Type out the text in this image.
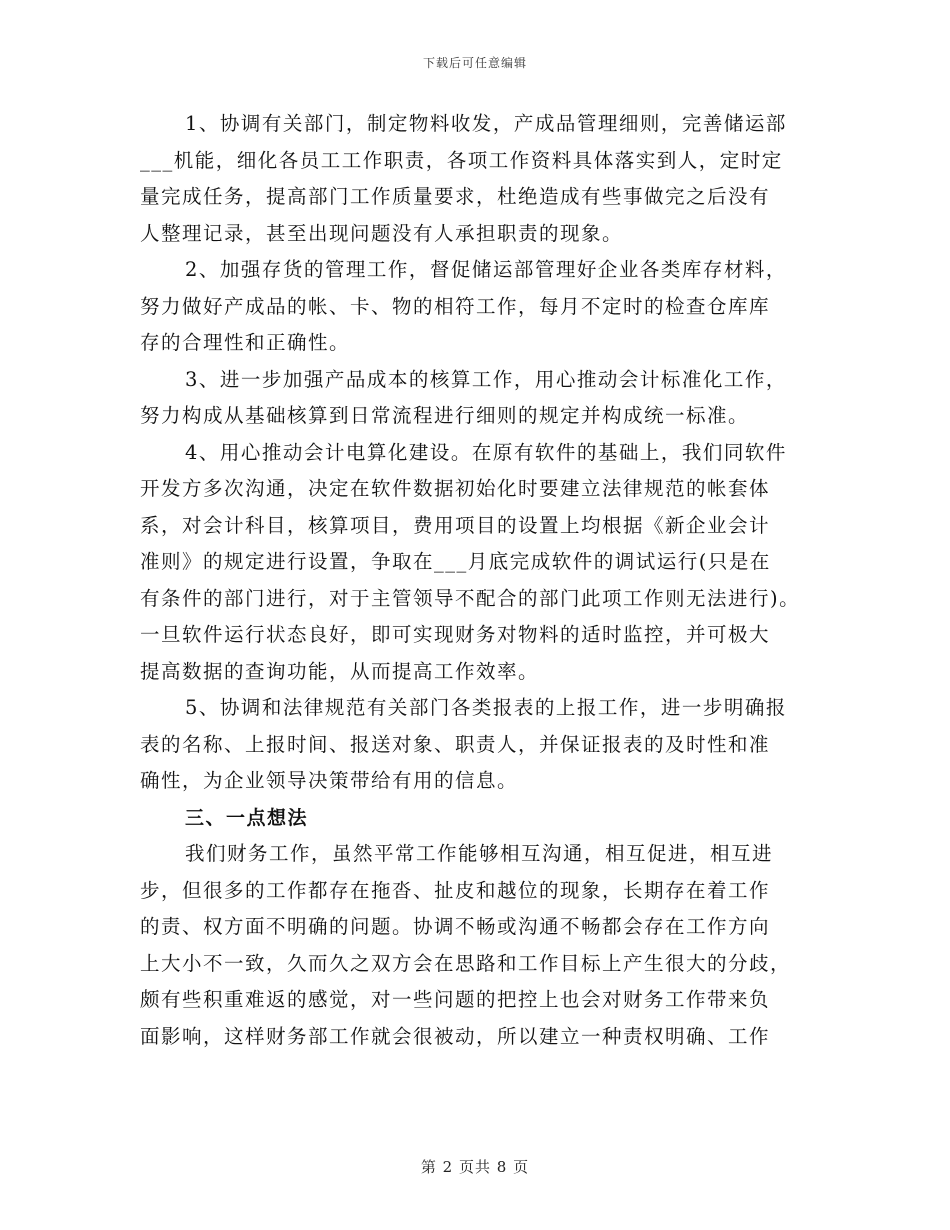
下载后可任意编辑
1、协调有关部门，制定物料收发，产成品管理细则，完善储运部
___机能，细化各员工工作职责，各项工作资料具体落实到人，定时定
量完成任务，提高部门工作质量要求，杜绝造成有些事做完之后没有
人整理记录，甚至出现问题没有人承担职责的现象。
2、加强存货的管理工作，督促储运部管理好企业各类库存材料，
努力做好产成品的帐、卡、物的相符工作，每月不定时的检查仓库库
存的合理性和正确性。
3、进一步加强产品成本的核算工作，用心推动会计标准化工作，
努力构成从基础核算到日常流程进行细则的规定并构成统一标准。
4、用心推动会计电算化建设。在原有软件的基础上，我们同软件
开发方多次沟通，决定在软件数据初始化时要建立法律规范的帐套体
系，对会计科目，核算项目，费用项目的设置上均根据《新企业会计
准则》的规定进行设置，争取在___月底完成软件的调试运行(只是在
有条件的部门进行，对于主管领导不配合的部门此项工作则无法进行)。
一旦软件运行状态良好，即可实现财务对物料的适时监控，并可极大
提高数据的查询功能，从而提高工作效率。
5、协调和法律规范有关部门各类报表的上报工作，进一步明确报
表的名称、上报时间、报送对象、职责人，并保证报表的及时性和准
确性，为企业领导决策带给有用的信息。
三、一点想法
我们财务工作，虽然平常工作能够相互沟通，相互促进，相互进
步，但很多的工作都存在拖沓、扯皮和越位的现象，长期存在着工作
的责、权方面不明确的问题。协调不畅或沟通不畅都会存在工作方向
上大小不一致，久而久之双方会在思路和工作目标上产生很大的分歧，
颇有些积重难返的感觉，对一些问题的把控上也会对财务工作带来负
面影响，这样财务部工作就会很被动，所以建立一种责权明确、工作
第 2 页共 8 页
